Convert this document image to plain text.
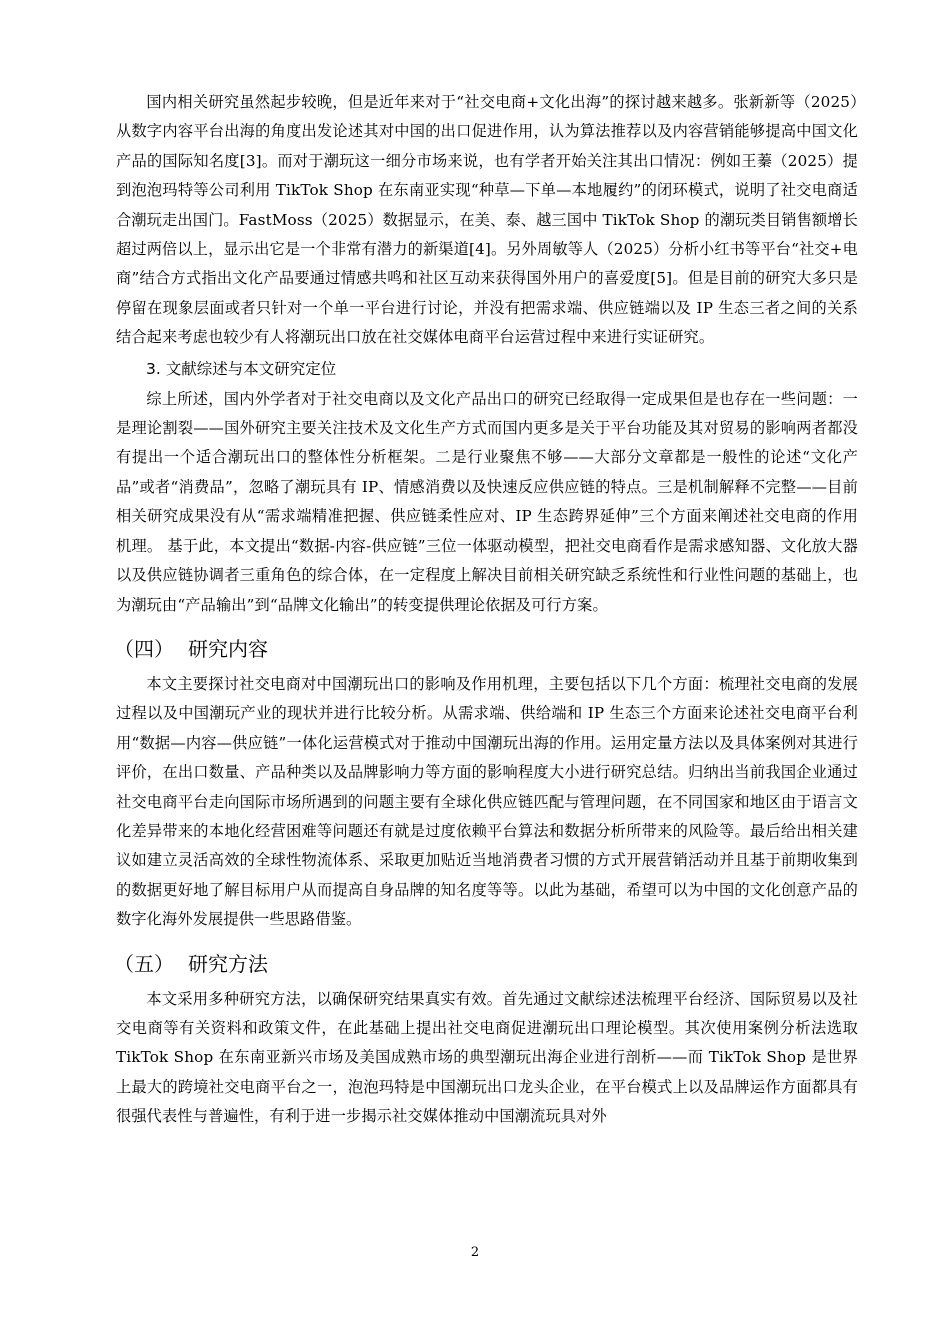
国内相关研究虽然起步较晚，但是近年来对于“社交电商+文化出海”的探讨越来越多。张新新等（2025）从数字内容平台出海的角度出发论述其对中国的出口促进作用，认为算法推荐以及内容营销能够提高中国文化产品的国际知名度[3]。而对于潮玩这一细分市场来说，也有学者开始关注其出口情况：例如王蓁（2025）提到泡泡玛特等公司利用 TikTok Shop 在东南亚实现“种草—下单—本地履约”的闭环模式，说明了社交电商适合潮玩走出国门。FastMoss（2025）数据显示，在美、泰、越三国中 TikTok Shop 的潮玩类目销售额增长超过两倍以上，显示出它是一个非常有潜力的新渠道[4]。另外周敏等人（2025）分析小红书等平台“社交+电商”结合方式指出文化产品要通过情感共鸣和社区互动来获得国外用户的喜爱度[5]。但是目前的研究大多只是停留在现象层面或者只针对一个单一平台进行讨论，并没有把需求端、供应链端以及 IP 生态三者之间的关系结合起来考虑也较少有人将潮玩出口放在社交媒体电商平台运营过程中来进行实证研究。

3. 文献综述与本文研究定位

综上所述，国内外学者对于社交电商以及文化产品出口的研究已经取得一定成果但是也存在一些问题：一是理论割裂——国外研究主要关注技术及文化生产方式而国内更多是关于平台功能及其对贸易的影响两者都没有提出一个适合潮玩出口的整体性分析框架。二是行业聚焦不够——大部分文章都是一般性的论述“文化产品”或者“消费品”，忽略了潮玩具有 IP、情感消费以及快速反应供应链的特点。三是机制解释不完整——目前相关研究成果没有从“需求端精准把握、供应链柔性应对、IP 生态跨界延伸”三个方面来阐述社交电商的作用机理。 基于此，本文提出“数据-内容-供应链”三位一体驱动模型，把社交电商看作是需求感知器、文化放大器以及供应链协调者三重角色的综合体，在一定程度上解决目前相关研究缺乏系统性和行业性问题的基础上，也为潮玩由“产品输出”到“品牌文化输出”的转变提供理论依据及可行方案。

（四） 研究内容

本文主要探讨社交电商对中国潮玩出口的影响及作用机理，主要包括以下几个方面：梳理社交电商的发展过程以及中国潮玩产业的现状并进行比较分析。从需求端、供给端和 IP 生态三个方面来论述社交电商平台利用“数据—内容—供应链”一体化运营模式对于推动中国潮玩出海的作用。运用定量方法以及具体案例对其进行评价，在出口数量、产品种类以及品牌影响力等方面的影响程度大小进行研究总结。归纳出当前我国企业通过社交电商平台走向国际市场所遇到的问题主要有全球化供应链匹配与管理问题，在不同国家和地区由于语言文化差异带来的本地化经营困难等问题还有就是过度依赖平台算法和数据分析所带来的风险等。最后给出相关建议如建立灵活高效的全球性物流体系、采取更加贴近当地消费者习惯的方式开展营销活动并且基于前期收集到的数据更好地了解目标用户从而提高自身品牌的知名度等等。以此为基础，希望可以为中国的文化创意产品的数字化海外发展提供一些思路借鉴。

（五） 研究方法

本文采用多种研究方法，以确保研究结果真实有效。首先通过文献综述法梳理平台经济、国际贸易以及社交电商等有关资料和政策文件，在此基础上提出社交电商促进潮玩出口理论模型。其次使用案例分析法选取 TikTok Shop 在东南亚新兴市场及美国成熟市场的典型潮玩出海企业进行剖析——而 TikTok Shop 是世界上最大的跨境社交电商平台之一，泡泡玛特是中国潮玩出口龙头企业，在平台模式上以及品牌运作方面都具有很强代表性与普遍性，有利于进一步揭示社交媒体推动中国潮流玩具对外

2
